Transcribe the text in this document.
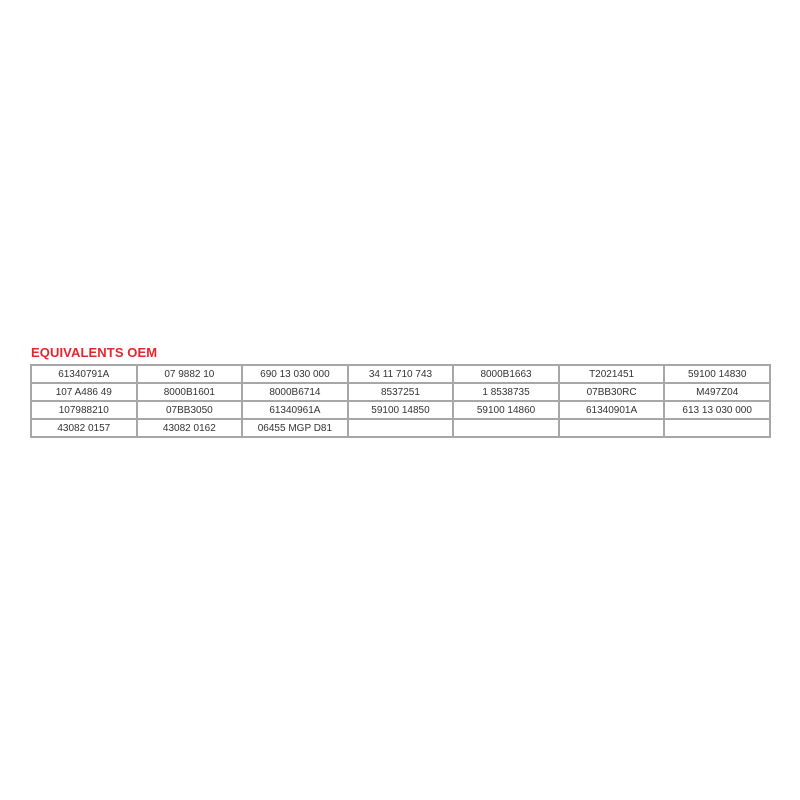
EQUIVALENTS OEM
61340791A	07 9882 10	690 13 030 000	34 11 710 743	8000B1663	T2021451	59100 14830
107 A486 49	8000B1601	8000B6714	8537251	1 8538735	07BB30RC	M497Z04
107988210	07BB3050	61340961A	59100 14850	59100 14860	61340901A	613 13 030 000
43082 0157	43082 0162	06455 MGP D81				
